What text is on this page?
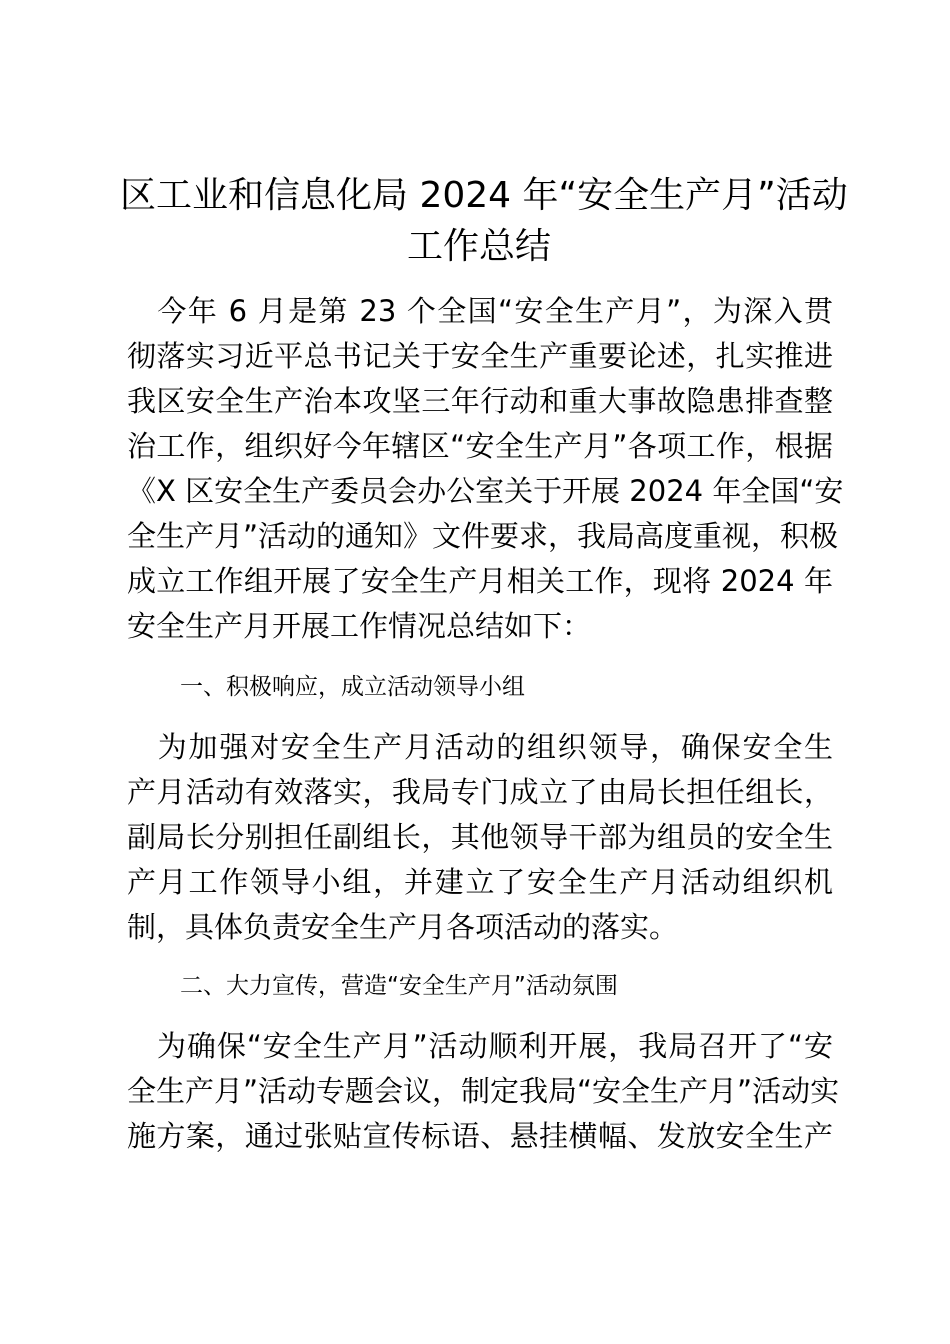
区工业和信息化局 2024 年“安全生产月”活动
工作总结
　今年 6 月是第 23 个全国“安全生产月”，为深入贯
彻落实习近平总书记关于安全生产重要论述，扎实推进
我区安全生产治本攻坚三年行动和重大事故隐患排查整
治工作，组织好今年辖区“安全生产月”各项工作，根据
《X 区安全生产委员会办公室关于开展 2024 年全国“安
全生产月”活动的通知》文件要求，我局高度重视，积极
成立工作组开展了安全生产月相关工作，现将 2024 年
安全生产月开展工作情况总结如下：
一、积极响应，成立活动领导小组
　为加强对安全生产月活动的组织领导，确保安全生
产月活动有效落实，我局专门成立了由局长担任组长，
副局长分别担任副组长，其他领导干部为组员的安全生
产月工作领导小组，并建立了安全生产月活动组织机
制，具体负责安全生产月各项活动的落实。
二、大力宣传，营造“安全生产月”活动氛围
　为确保“安全生产月”活动顺利开展，我局召开了“安
全生产月”活动专题会议，制定我局“安全生产月”活动实
施方案，通过张贴宣传标语、悬挂横幅、发放安全生产
